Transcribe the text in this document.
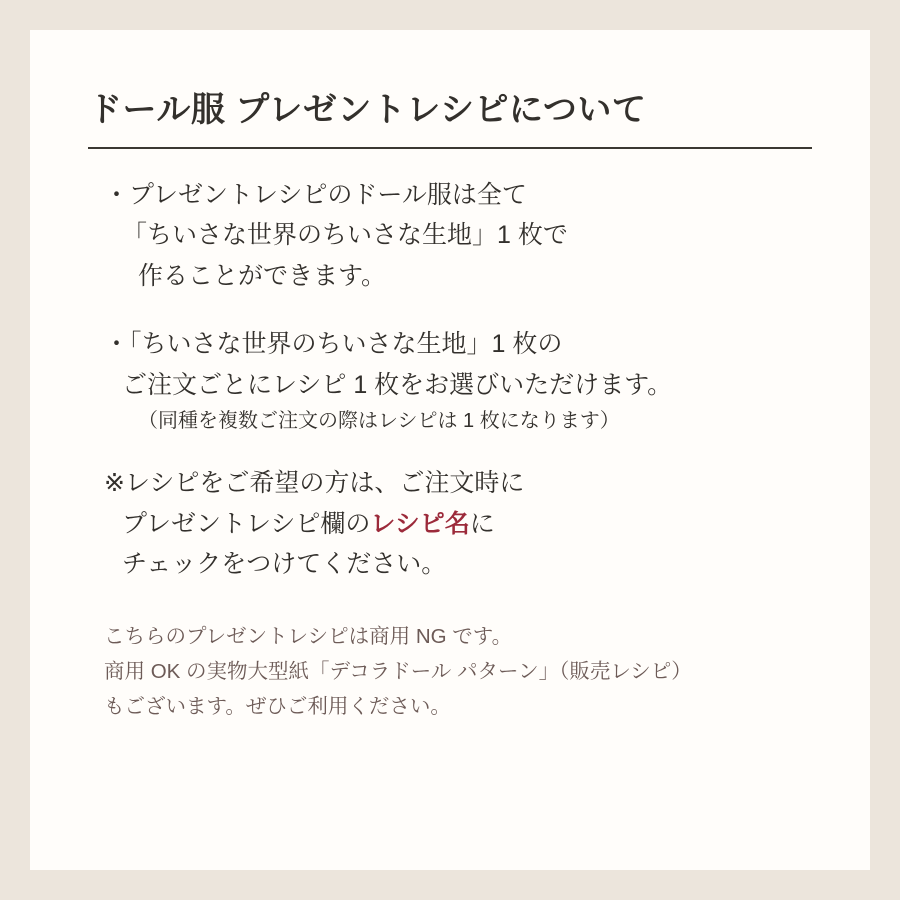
ドール服 プレゼントレシピについて
・プレゼントレシピのドール服は全て
「ちいさな世界のちいさな生地」1 枚で
作ることができます。
・「ちいさな世界のちいさな生地」1 枚の
ご注文ごとにレシピ 1 枚をお選びいただけます。
（同種を複数ご注文の際はレシピは 1 枚になります）
※レシピをご希望の方は、ご注文時に
プレゼントレシピ欄のレシピ名に
チェックをつけてください。
こちらのプレゼントレシピは商用 NG です。
商用 OK の実物大型紙「デコラドール パターン」（販売レシピ）
もございます。ぜひご利用ください。
